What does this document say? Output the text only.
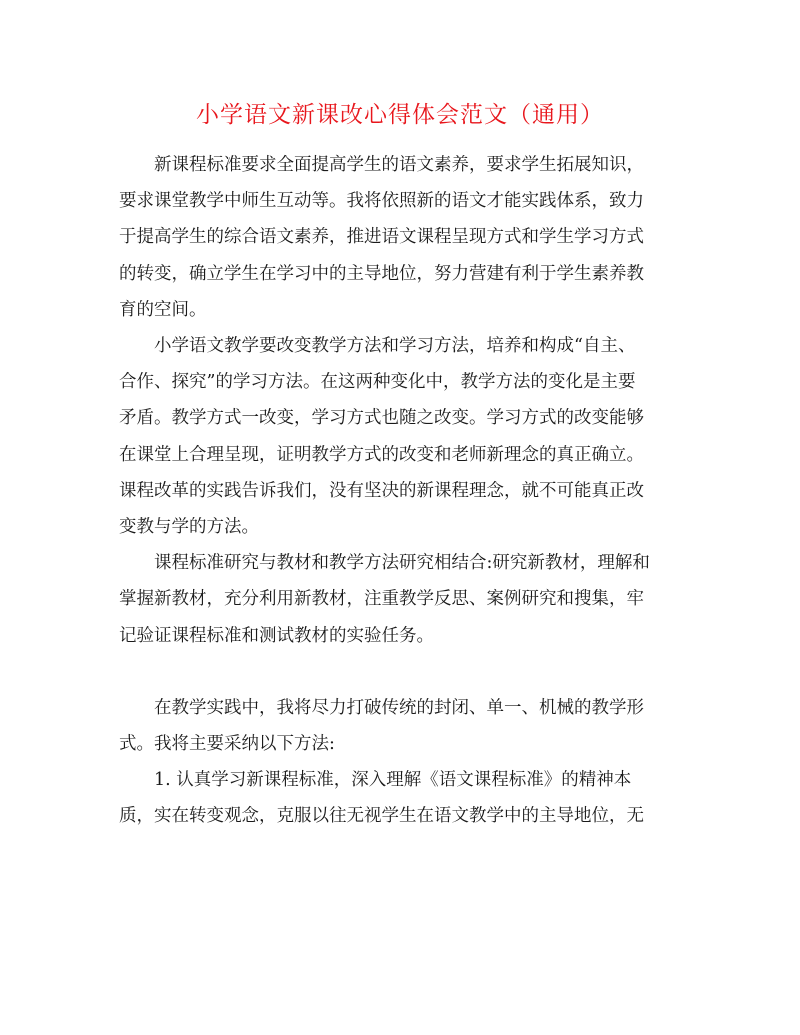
小学语文新课改心得体会范文（通用）

新课程标准要求全面提高学生的语文素养，要求学生拓展知识，
要求课堂教学中师生互动等。我将依照新的语文才能实践体系，致力
于提高学生的综合语文素养，推进语文课程呈现方式和学生学习方式
的转变，确立学生在学习中的主导地位，努力营建有利于学生素养教
育的空间。

小学语文教学要改变教学方法和学习方法，培养和构成“自主、
合作、探究”的学习方法。在这两种变化中，教学方法的变化是主要
矛盾。教学方式一改变，学习方式也随之改变。学习方式的改变能够
在课堂上合理呈现，证明教学方式的改变和老师新理念的真正确立。
课程改革的实践告诉我们，没有坚决的新课程理念，就不可能真正改
变教与学的方法。

课程标准研究与教材和教学方法研究相结合:研究新教材，理解和
掌握新教材，充分利用新教材，注重教学反思、案例研究和搜集，牢
记验证课程标准和测试教材的实验任务。

在教学实践中，我将尽力打破传统的封闭、单一、机械的教学形
式。我将主要采纳以下方法:

1. 认真学习新课程标准，深入理解《语文课程标准》的精神本
质，实在转变观念，克服以往无视学生在语文教学中的主导地位，无
